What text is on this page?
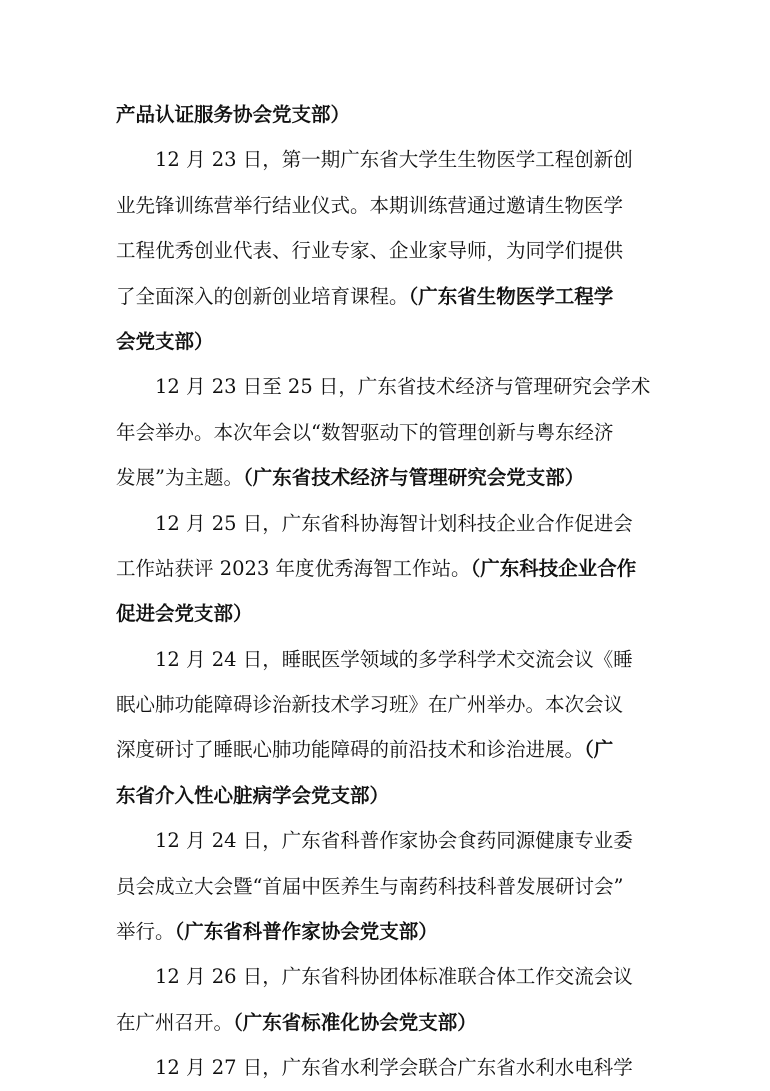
产品认证服务协会党支部）
12 月 23 日，第一期广东省大学生生物医学工程创新创
业先锋训练营举行结业仪式。本期训练营通过邀请生物医学
工程优秀创业代表、行业专家、企业家导师，为同学们提供
了全面深入的创新创业培育课程。（广东省生物医学工程学
会党支部）
12 月 23 日至 25 日，广东省技术经济与管理研究会学术
年会举办。本次年会以“数智驱动下的管理创新与粤东经济
发展”为主题。（广东省技术经济与管理研究会党支部）
12 月 25 日，广东省科协海智计划科技企业合作促进会
工作站获评 2023 年度优秀海智工作站。（广东科技企业合作
促进会党支部）
12 月 24 日，睡眠医学领域的多学科学术交流会议《睡
眠心肺功能障碍诊治新技术学习班》在广州举办。本次会议
深度研讨了睡眠心肺功能障碍的前沿技术和诊治进展。（广
东省介入性心脏病学会党支部）
12 月 24 日，广东省科普作家协会食药同源健康专业委
员会成立大会暨“首届中医养生与南药科技科普发展研讨会”
举行。（广东省科普作家协会党支部）
12 月 26 日，广东省科协团体标准联合体工作交流会议
在广州召开。（广东省标准化协会党支部）
12 月 27 日，广东省水利学会联合广东省水利水电科学
